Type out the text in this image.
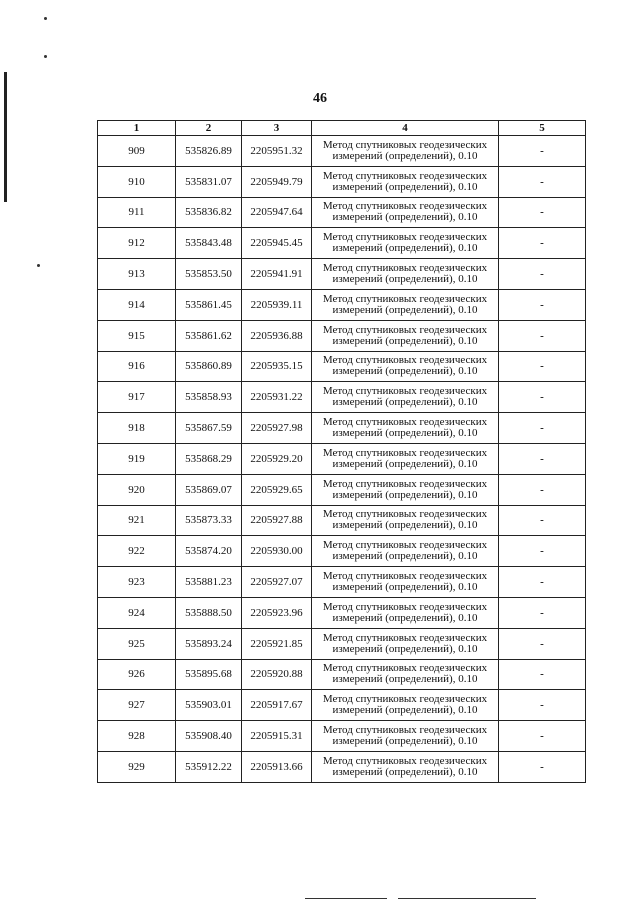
46
1	2	3	4	5
909	535826.89	2205951.32	Метод спутниковых геодезических
измерений (определений), 0.10	-
910	535831.07	2205949.79	Метод спутниковых геодезических
измерений (определений), 0.10	-
911	535836.82	2205947.64	Метод спутниковых геодезических
измерений (определений), 0.10	-
912	535843.48	2205945.45	Метод спутниковых геодезических
измерений (определений), 0.10	-
913	535853.50	2205941.91	Метод спутниковых геодезических
измерений (определений), 0.10	-
914	535861.45	2205939.11	Метод спутниковых геодезических
измерений (определений), 0.10	-
915	535861.62	2205936.88	Метод спутниковых геодезических
измерений (определений), 0.10	-
916	535860.89	2205935.15	Метод спутниковых геодезических
измерений (определений), 0.10	-
917	535858.93	2205931.22	Метод спутниковых геодезических
измерений (определений), 0.10	-
918	535867.59	2205927.98	Метод спутниковых геодезических
измерений (определений), 0.10	-
919	535868.29	2205929.20	Метод спутниковых геодезических
измерений (определений), 0.10	-
920	535869.07	2205929.65	Метод спутниковых геодезических
измерений (определений), 0.10	-
921	535873.33	2205927.88	Метод спутниковых геодезических
измерений (определений), 0.10	-
922	535874.20	2205930.00	Метод спутниковых геодезических
измерений (определений), 0.10	-
923	535881.23	2205927.07	Метод спутниковых геодезических
измерений (определений), 0.10	-
924	535888.50	2205923.96	Метод спутниковых геодезических
измерений (определений), 0.10	-
925	535893.24	2205921.85	Метод спутниковых геодезических
измерений (определений), 0.10	-
926	535895.68	2205920.88	Метод спутниковых геодезических
измерений (определений), 0.10	-
927	535903.01	2205917.67	Метод спутниковых геодезических
измерений (определений), 0.10	-
928	535908.40	2205915.31	Метод спутниковых геодезических
измерений (определений), 0.10	-
929	535912.22	2205913.66	Метод спутниковых геодезических
измерений (определений), 0.10	-
